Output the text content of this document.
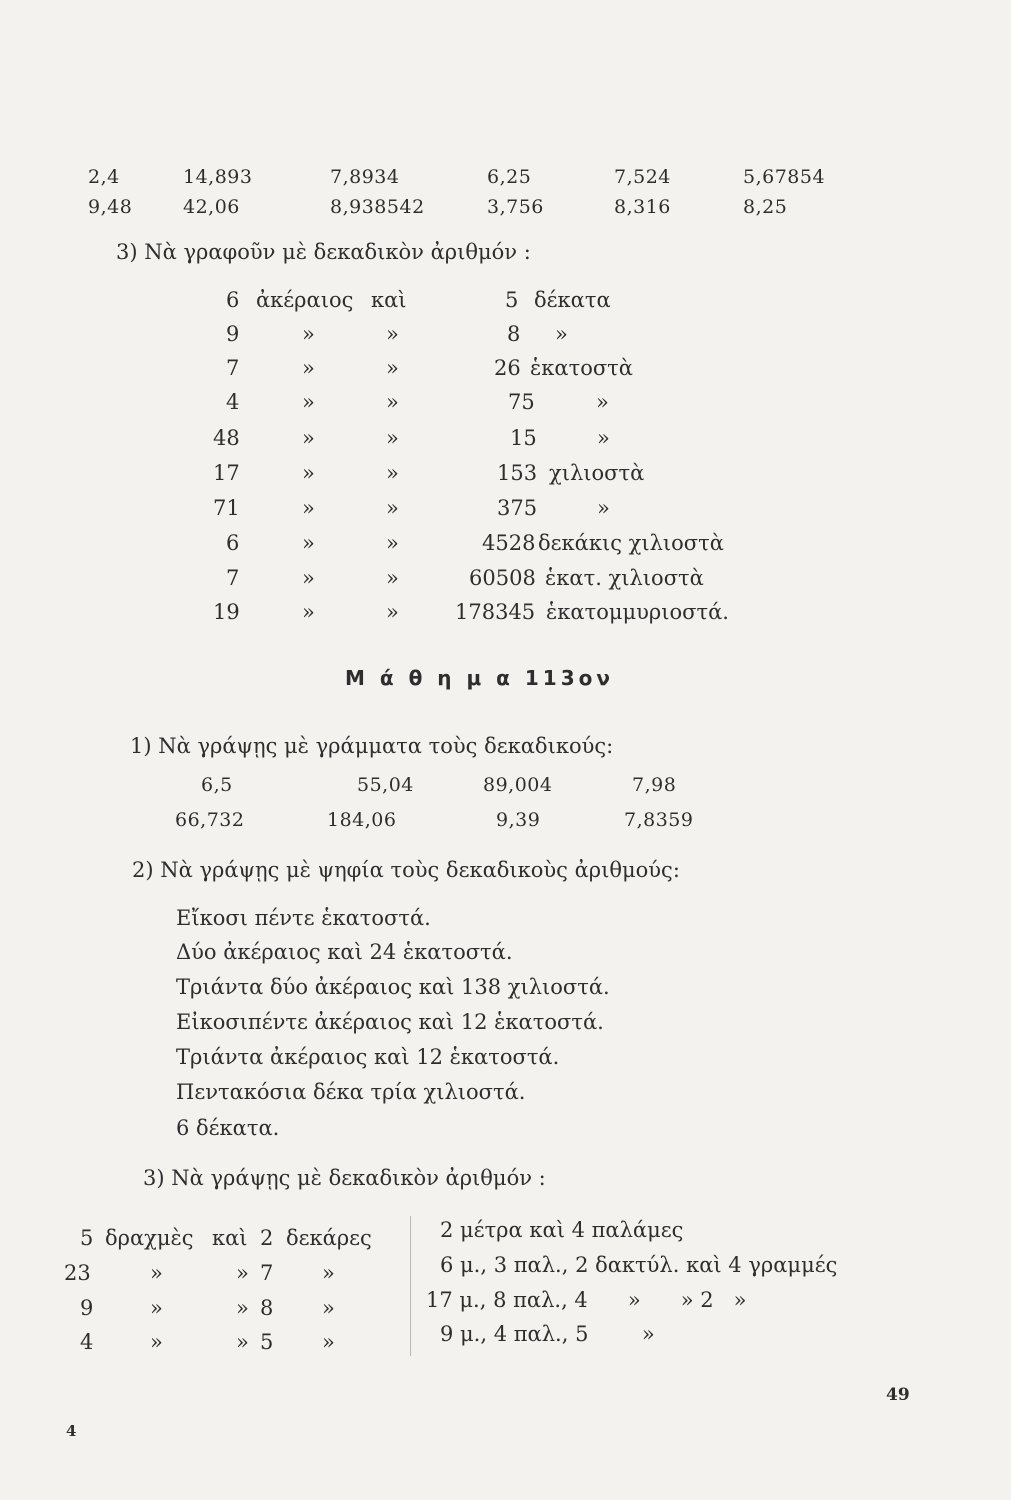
2,4	14,893	7,8934	6,25	7,524	5,67854
9,48	42,06	8,938542	3,756	8,316	8,25
3) Νὰ γραφοῦν μὲ δεκαδικὸν ἀριθμόν :
6 ἀκέραιος καὶ	5 δέκατα
9	»	»	8 »
7	»	»	26 ἑκατοστὰ
4	»	»	75	»
48	»	»	15	»
17	»	»	153 χιλιοστὰ
71	»	»	375	»
6	»	»	4528 δεκάκις χιλιοστὰ
7	»	»	60508 ἑκατ. χιλιοστὰ
19	»	»	178345 ἑκατομμυριοστά.
Μ ά θ η μ α 113ον
1) Νὰ γράψῃς μὲ γράμματα τοὺς δεκαδικούς:
6,5	55,04	89,004	7,98
66,732	184,06	9,39	7,8359
2) Νὰ γράψῃς μὲ ψηφία τοὺς δεκαδικοὺς ἀριθμούς:
Εἴκοσι πέντε ἑκατοστά.
Δύο ἀκέραιος καὶ 24 ἑκατοστά.
Τριάντα δύο ἀκέραιος καὶ 138 χιλιοστά.
Εἰκοσιπέντε ἀκέραιος καὶ 12 ἑκατοστά.
Τριάντα ἀκέραιος καὶ 12 ἑκατοστά.
Πεντακόσια δέκα τρία χιλιοστά.
6 δέκατα.
3) Νὰ γράψῃς μὲ δεκαδικὸν ἀριθμόν :
5 δραχμὲς καὶ 2 δεκάρες
23	»	» 7 »
9	»	» 8 »
4	»	» 5 »
2 μέτρα καὶ 4 παλάμες
6 μ., 3 παλ., 2 δακτύλ. καὶ 4 γραμμές
17 μ., 8 παλ., 4      »      » 2   »
9 μ., 4 παλ., 5        »
49
4
